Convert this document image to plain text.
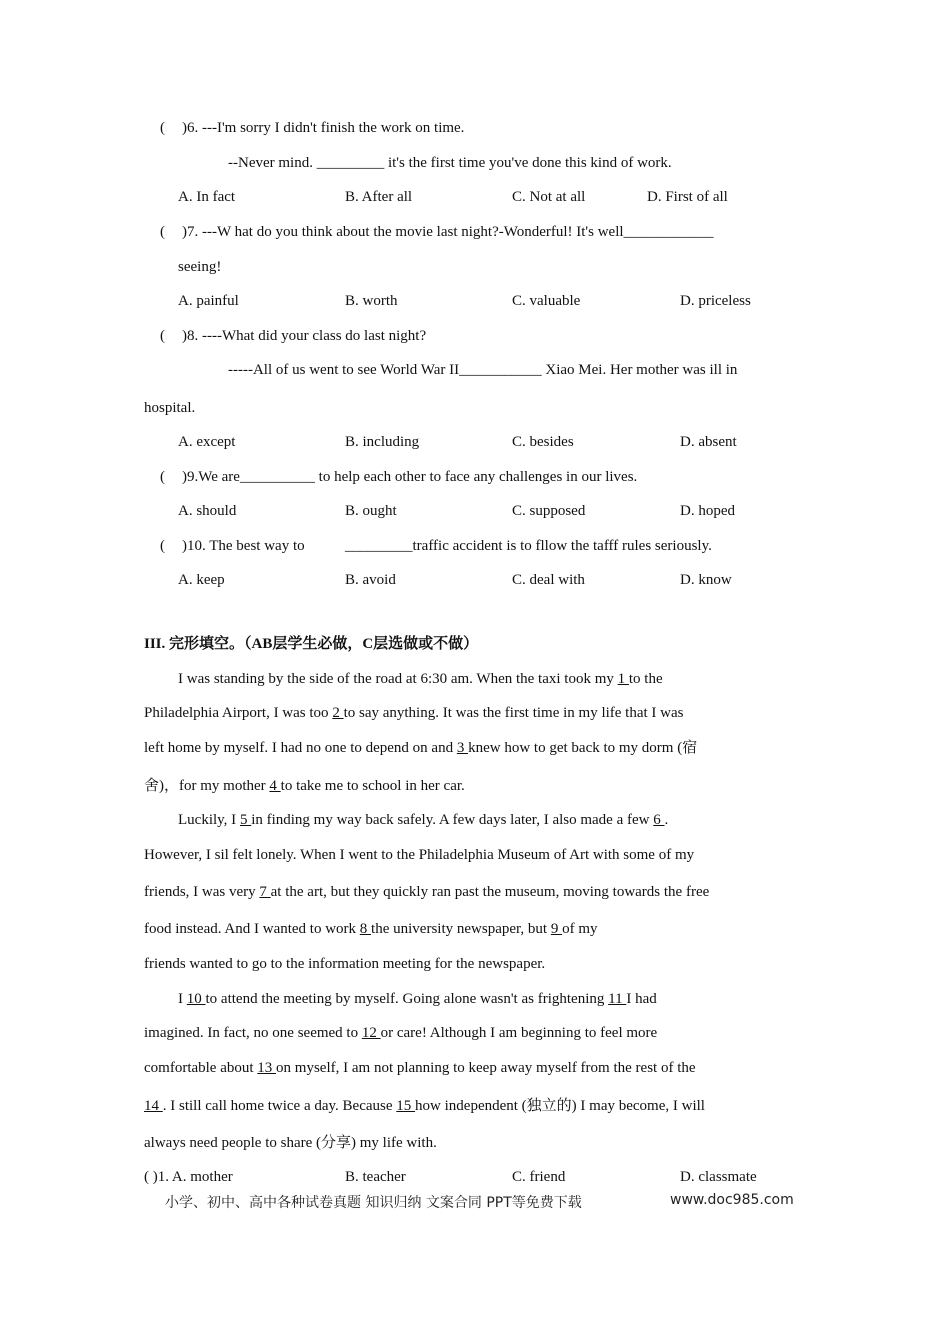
( )6. ---I'm sorry I didn't finish the work on time.
--Never mind. _________ it's the first time you've done this kind of work.
A. In fact	B. After all	C. Not at all	D. First of all
( )7. ---W hat do you think about the movie last night?-Wonderful! It's well____________
seeing!
A. painful	B. worth	C. valuable	D. priceless
( )8. ----What did your class do last night?
-----All of us went to see World War II___________ Xiao Mei. Her mother was ill in
hospital.
A. except	B. including	C. besides	D. absent
( )9.We are__________ to help each other to face any challenges in our lives.
A. should	B. ought	C. supposed	D. hoped
( )10. The best way to	_________traffic accident is to fllow the tafff rules seriously.
A. keep	B. avoid	C. deal with	D. know
III. 完形填空。（AB层学生必做，C层选做或不做）
I was standing by the side of the road at 6:30 am. When the taxi took my 1 to the
Philadelphia Airport, I was too 2 to say anything. It was the first time in my life that I was
left home by myself. I had no one to depend on and 3 knew how to get back to my dorm (宿
舍)，for my mother 4 to take me to school in her car.
Luckily, I 5 in finding my way back safely. A few days later, I also made a few 6 .
However, I sil felt lonely. When I went to the Philadelphia Museum of Art with some of my
friends, I was very 7 at the art, but they quickly ran past the museum, moving towards the free
food instead. And I wanted to work 8 the university newspaper, but 9 of my
friends wanted to go to the information meeting for the newspaper.
I 10 to attend the meeting by myself. Going alone wasn't as frightening 11 I had
imagined. In fact, no one seemed to 12 or care! Although I am beginning to feel more
comfortable about 13 on myself, I am not planning to keep away myself from the rest of the
14 . I still call home twice a day. Because 15 how independent (独立的) I may become, I will
always need people to share (分享) my life with.
( )1. A. mother	B. teacher	C. friend	D. classmate
小学、初中、高中各种试卷真题 知识归纳 文案合同 PPT等免费下载	www.doc985.com
